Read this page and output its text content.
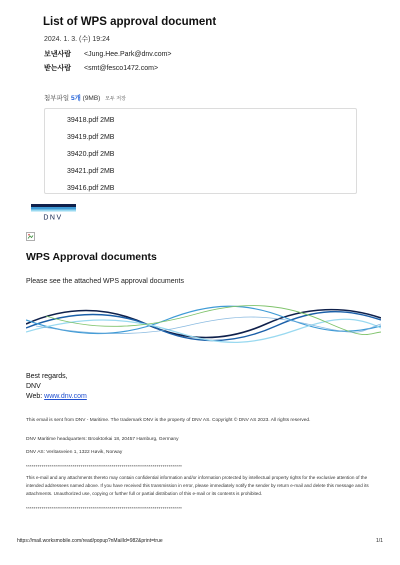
List of WPS approval document
2024. 1. 3. (수) 19:24
보낸사람 <Jung.Hee.Park@dnv.com>
받는사람 <smt@fesco1472.com>
첨부파일 5개 (9MB) 모두 저장
39418.pdf 2MB
39419.pdf 2MB
39420.pdf 2MB
39421.pdf 2MB
39416.pdf 2MB
DNV
WPS Approval documents
Please see the attached WPS approval documents
Best regards,
DNV
Web: www.dnv.com
This email is sent from DNV - Maritime. The trademark DNV is the property of DNV AS. Copyright © DNV AS 2023. All rights reserved.
DNV Maritime headquarters: Brooktorkai 18, 20457 Hamburg, Germany
DNV AS: Veritasveien 1, 1322 Høvik, Norway
********************************************************************************
This e-mail and any attachments thereto may contain confidential information and/or information protected by intellectual property rights for the exclusive attention of the intended addressees named above. If you have received this transmission in error, please immediately notify the sender by return e-mail and delete this message and its attachments. Unauthorized use, copying or further full or partial distribution of this e-mail or its contents is prohibited.
********************************************************************************
https://mail.worksmobile.com/read/popup?nMailId=982&print=true	1/1
